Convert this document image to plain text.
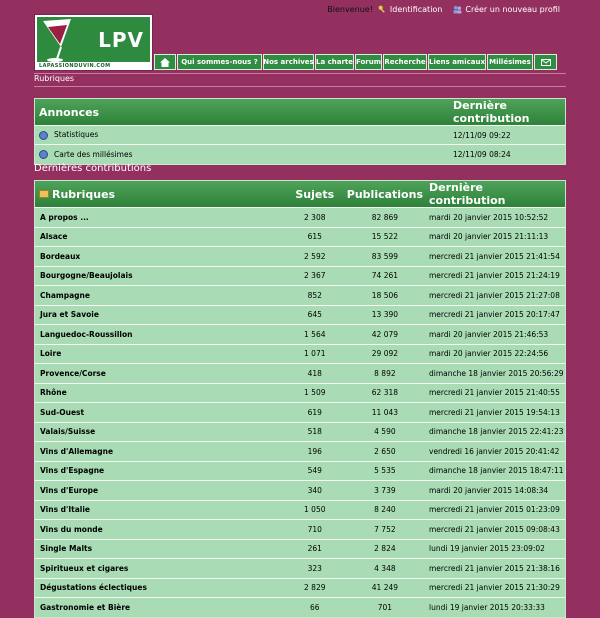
LPV
LAPASSIONDUVIN.COM
Bienvenue! Identification	Créer un nouveau profil
Qui sommes-nous ? Nos archives La charte Forum Recherche Liens amicaux Millésimes
Rubriques
Annonces	Dernière contribution
Statistiques	12/11/09 09:22
Carte des millésimes	12/11/09 08:24
Dernières contributions
Rubriques	Sujets	Publications	Dernière contribution
A propos ...	2 308	82 869	mardi 20 janvier 2015 10:52:52
Alsace	615	15 522	mardi 20 janvier 2015 21:11:13
Bordeaux	2 592	83 599	mercredi 21 janvier 2015 21:41:54
Bourgogne/Beaujolais	2 367	74 261	mercredi 21 janvier 2015 21:24:19
Champagne	852	18 506	mercredi 21 janvier 2015 21:27:08
Jura et Savoie	645	13 390	mercredi 21 janvier 2015 20:17:47
Languedoc-Roussillon	1 564	42 079	mardi 20 janvier 2015 21:46:53
Loire	1 071	29 092	mardi 20 janvier 2015 22:24:56
Provence/Corse	418	8 892	dimanche 18 janvier 2015 20:56:29
Rhône	1 509	62 318	mercredi 21 janvier 2015 21:40:55
Sud-Ouest	619	11 043	mercredi 21 janvier 2015 19:54:13
Valais/Suisse	518	4 590	dimanche 18 janvier 2015 22:41:23
Vins d'Allemagne	196	2 650	vendredi 16 janvier 2015 20:41:42
Vins d'Espagne	549	5 535	dimanche 18 janvier 2015 18:47:11
Vins d'Europe	340	3 739	mardi 20 janvier 2015 14:08:34
Vins d'Italie	1 050	8 240	mercredi 21 janvier 2015 01:23:09
Vins du monde	710	7 752	mercredi 21 janvier 2015 09:08:43
Single Malts	261	2 824	lundi 19 janvier 2015 23:09:02
Spiritueux et cigares	323	4 348	mercredi 21 janvier 2015 21:38:16
Dégustations éclectiques	2 829	41 249	mercredi 21 janvier 2015 21:30:29
Gastronomie et Bière	66	701	lundi 19 janvier 2015 20:33:33
